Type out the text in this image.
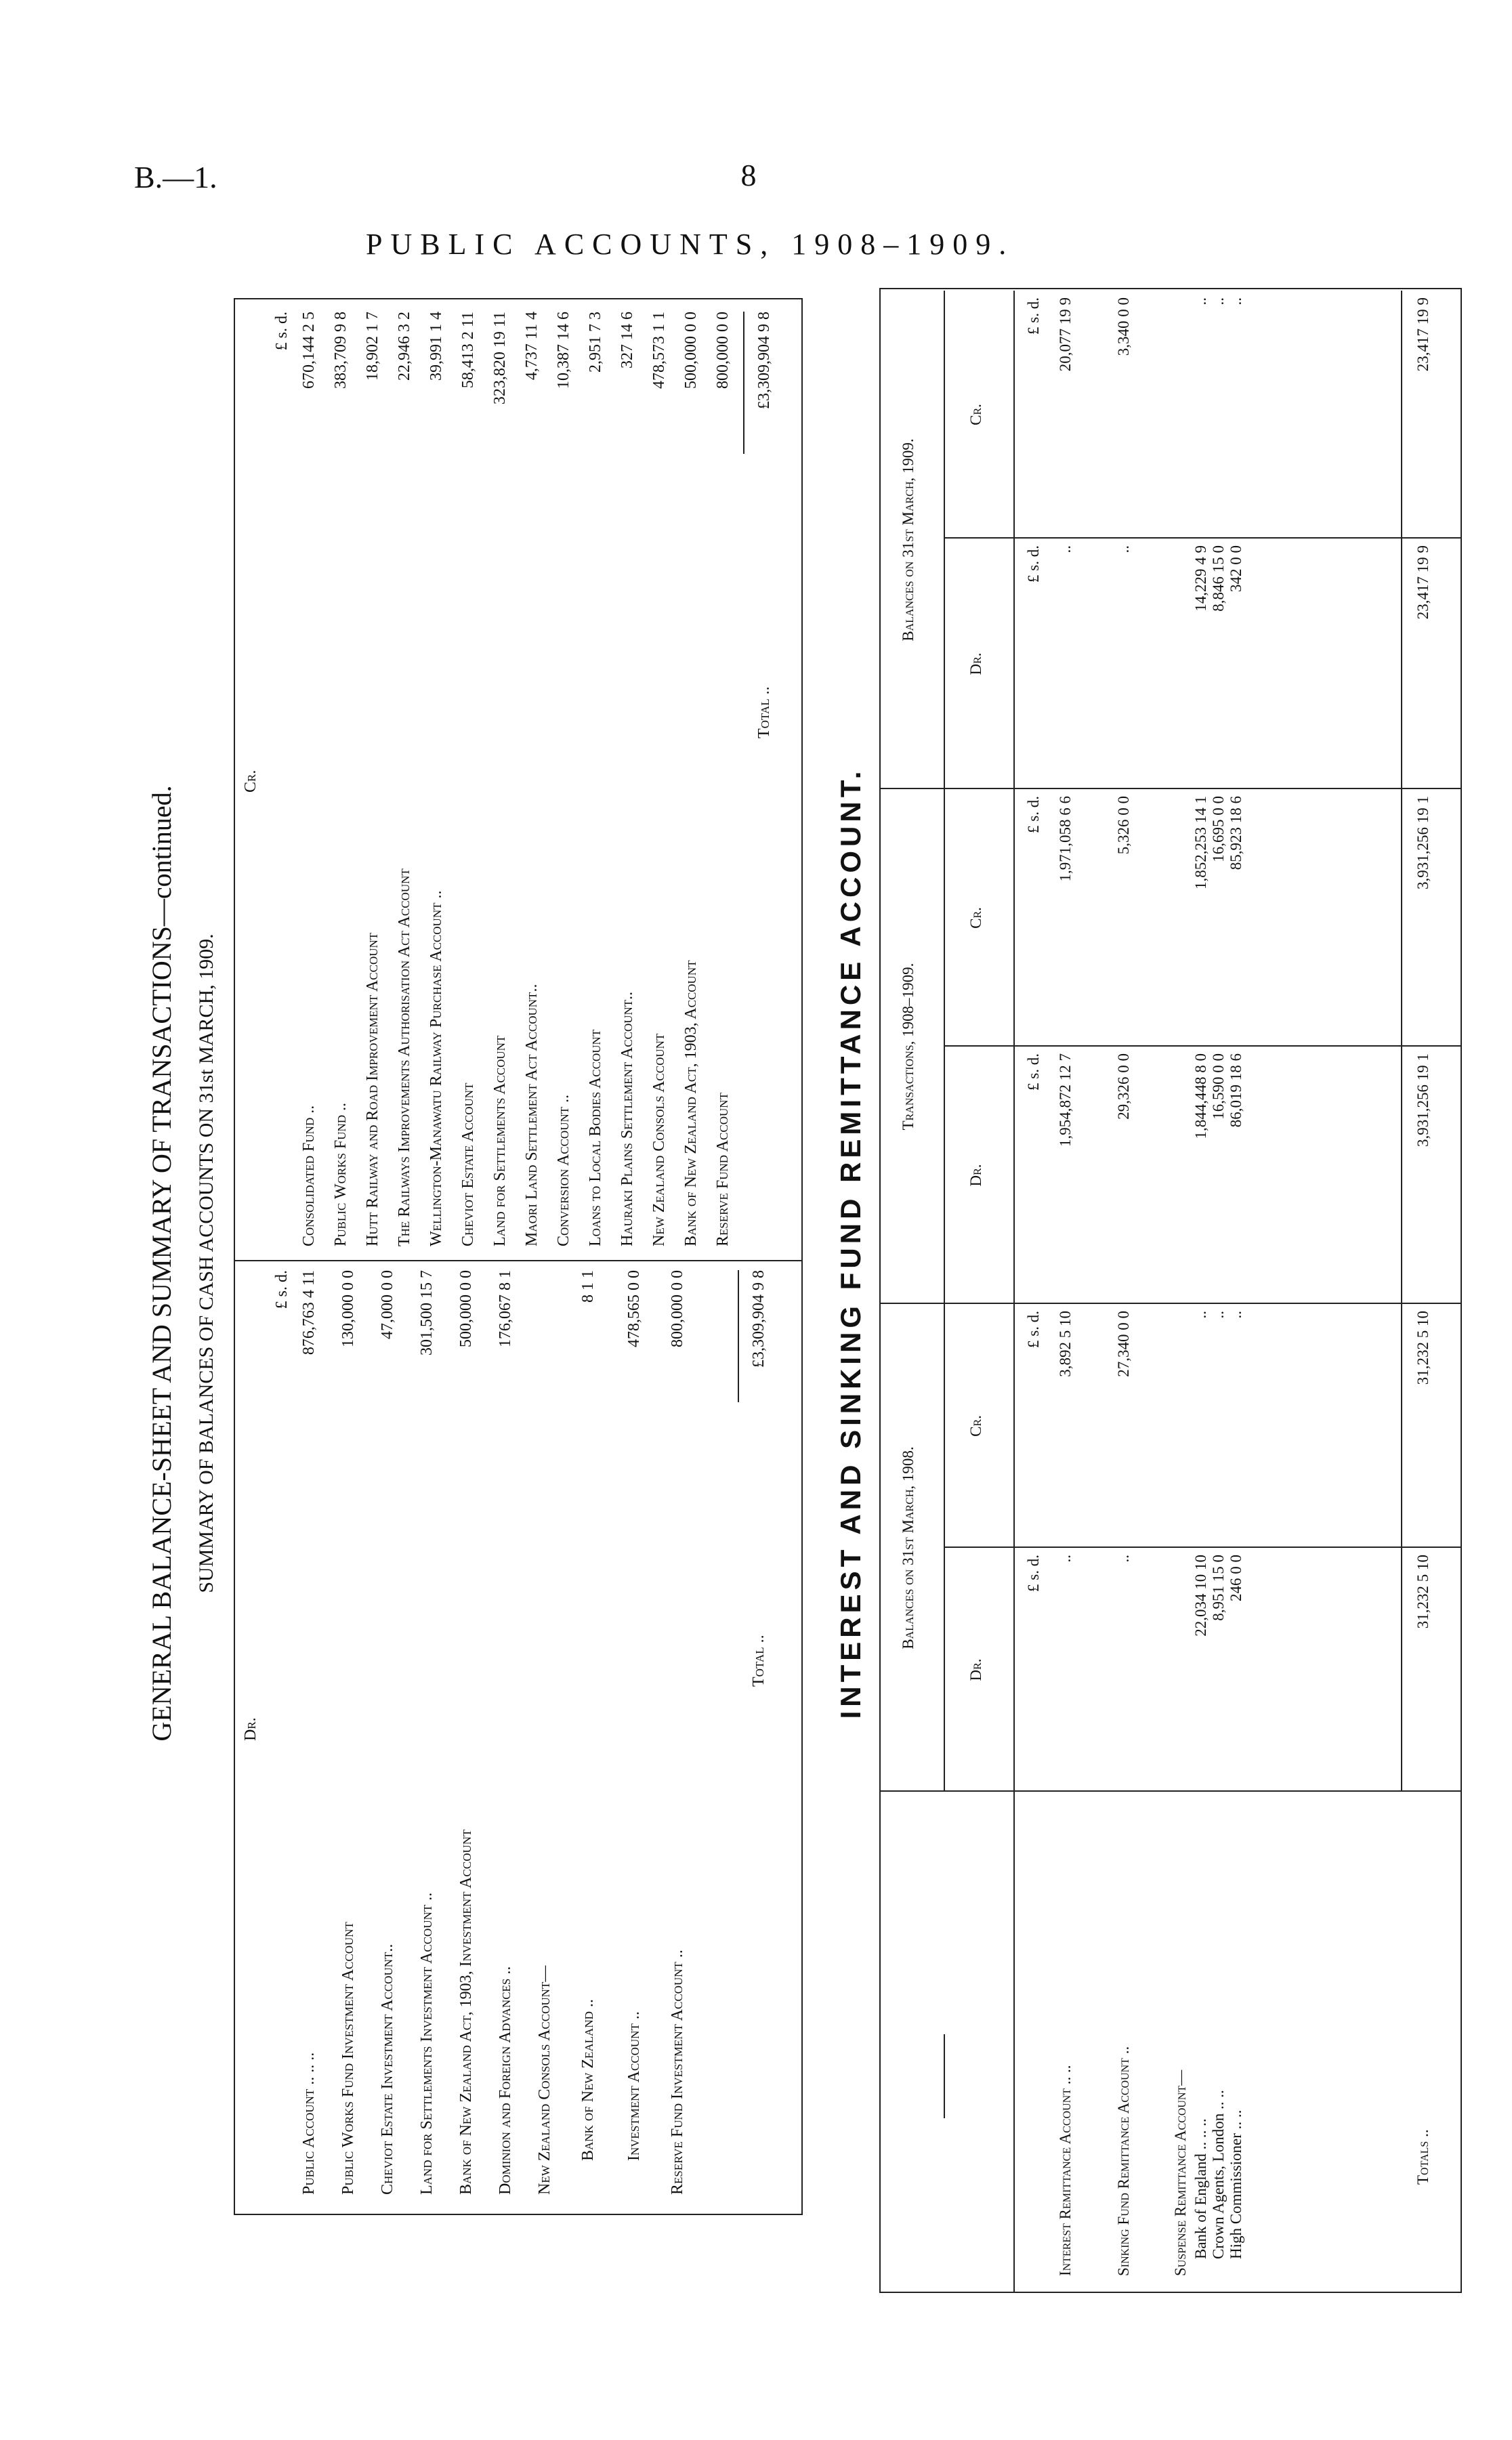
B.—1.	8
PUBLIC ACCOUNTS, 1908–1909.
GENERAL BALANCE-SHEET AND SUMMARY OF TRANSACTIONS—continued. SUMMARY OF BALANCES OF CASH ACCOUNTS ON 31st MARCH, 1909.
Dr.
Cr.
£ s. d.
£ s. d.
Public Account .. .. ..
876,763 4 11
Public Works Fund Investment Account
130,000 0 0
Cheviot Estate Investment Account..
47,000 0 0
Land for Settlements Investment Account ..
301,500 15 7
Bank of New Zealand Act, 1903, Investment Account
500,000 0 0
Dominion and Foreign Advances ..
176,067 8 1
New Zealand Consols Account— Bank of New Zealand ..
8 1 1
Investment Account ..
478,565 0 0
Reserve Fund Investment Account ..
800,000 0 0
Total ..
£3,309,904 9 8
Consolidated Fund ..
670,144 2 5
Public Works Fund ..
383,709 9 8
Hutt Railway and Road Improvement Account
18,902 1 7
The Railways Improvements Authorisation Act Account
22,946 3 2
Wellington-Manawatu Railway Purchase Account ..
39,991 1 4
Cheviot Estate Account
58,413 2 11
Land for Settlements Account
323,820 19 11
Maori Land Settlement Act Account..
4,737 11 4
Conversion Account ..
10,387 14 6
Loans to Local Bodies Account
2,951 7 3
Hauraki Plains Settlement Account..
327 14 6
New Zealand Consols Account
478,573 1 1
Bank of New Zealand Act, 1903, Account
500,000 0 0
Reserve Fund Account
800,000 0 0
Total ..
£3,309,904 9 8
INTEREST AND SINKING FUND REMITTANCE ACCOUNT. Balances on 31st March, 1908.
Transactions, 1908–1909.
Balances on 31st March, 1909.
Dr.
Cr.
Dr.
Cr.
Dr.
Cr.
£ s. d.
£ s. d.
£ s. d.
£ s. d.
£ s. d.
£ s. d.
Interest Remittance Account .. ..
..
3,892 5 10
1,954,872 12 7
1,971,058 6 6
..
20,077 19 9
Sinking Fund Remittance Account ..
..
27,340 0 0
29,326 0 0
5,326 0 0
..
3,340 0 0
Suspense Remittance Account— Bank of England .. .. ..
22,034 10 10
..
1,844,448 8 0
1,852,253 14 1
14,229 4 9
..
Crown Agents, London .. ..
8,951 15 0
..
16,590 0 0
16,695 0 0
8,846 15 0
..
High Commissioner .. ..
246 0 0
..
86,019 18 6
85,923 18 6
342 0 0
..
Totals ..
31,232 5 10
31,232 5 10
3,931,256 19 1
3,931,256 19 1
23,417 19 9
23,417 19 9
